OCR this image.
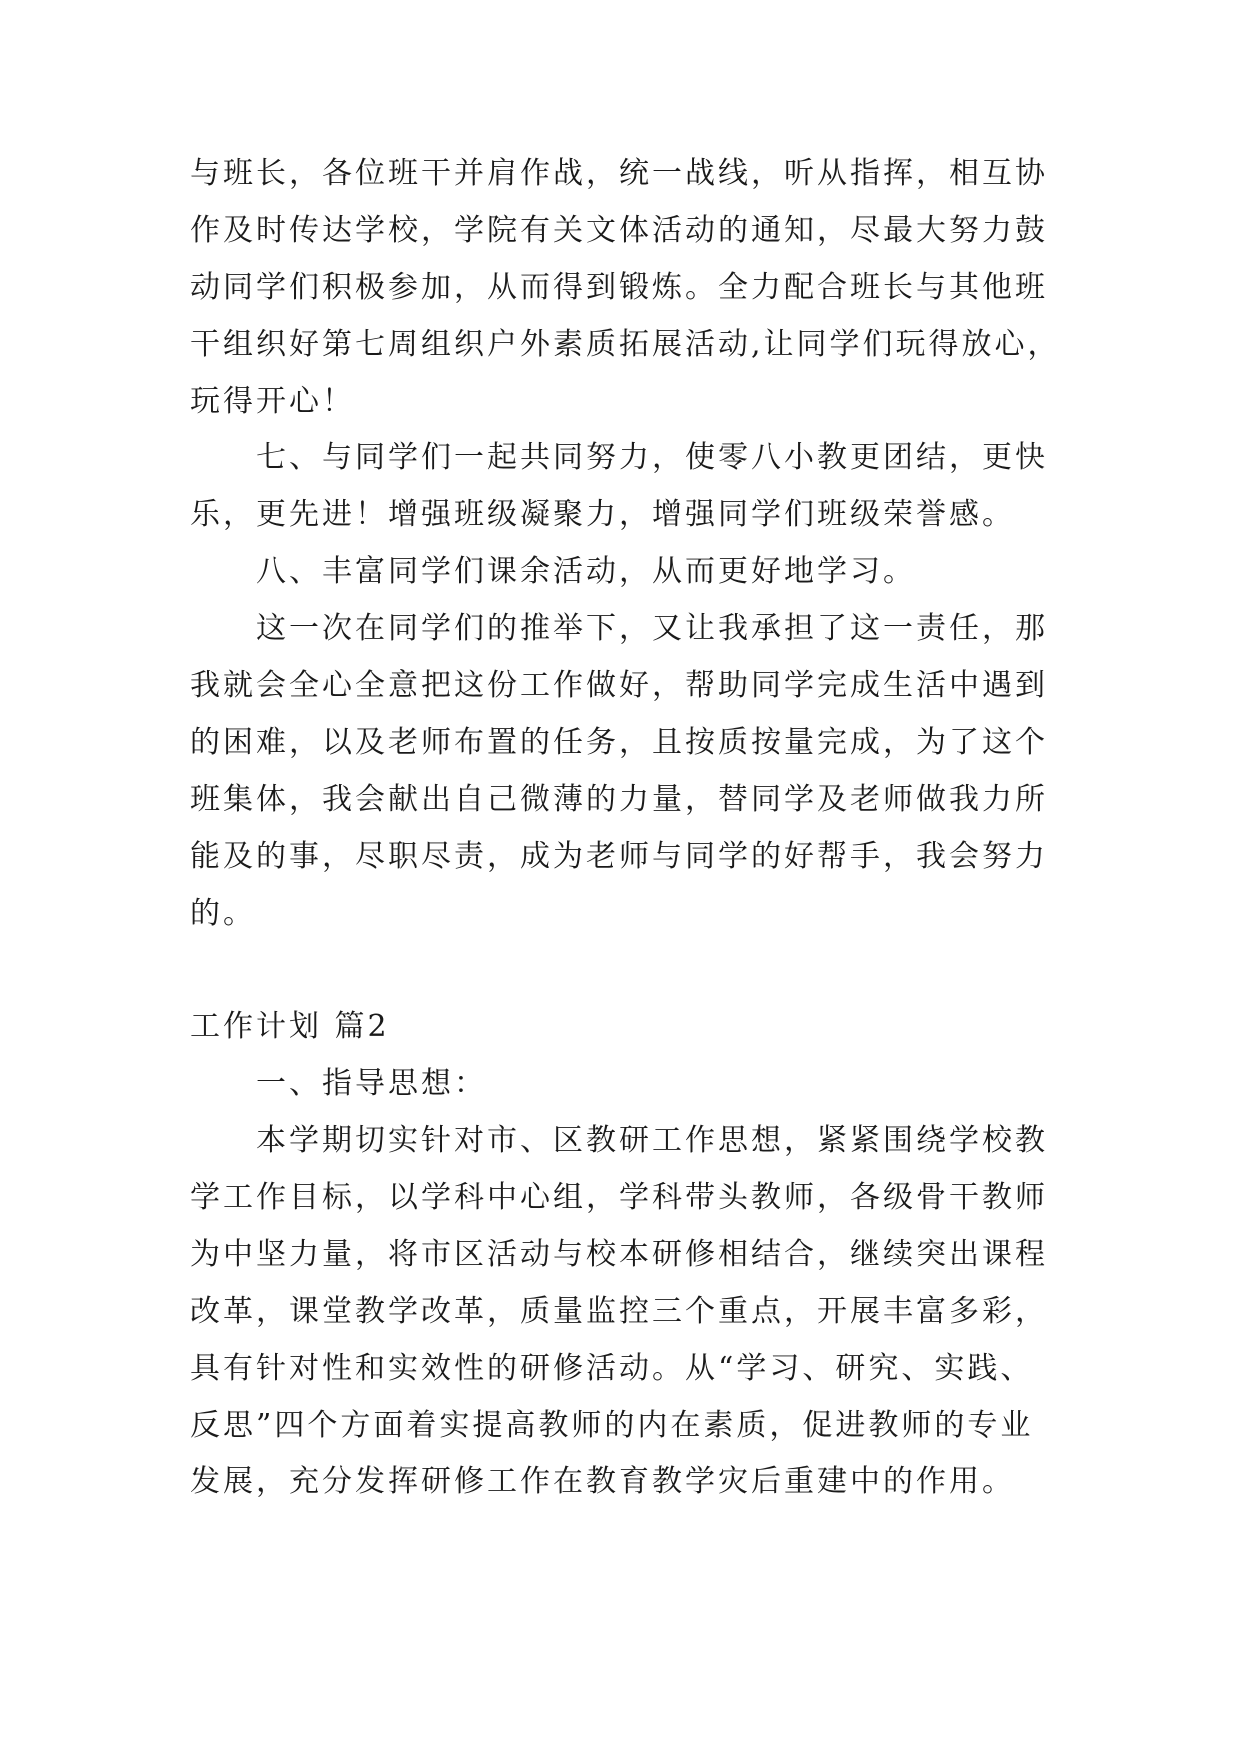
与班长，各位班干并肩作战，统一战线，听从指挥，相互协
作及时传达学校，学院有关文体活动的通知，尽最大努力鼓
动同学们积极参加，从而得到锻炼。全力配合班长与其他班
干组织好第七周组织户外素质拓展活动,让同学们玩得放心，
玩得开心！
七、与同学们一起共同努力，使零八小教更团结，更快
乐，更先进！增强班级凝聚力，增强同学们班级荣誉感。
八、丰富同学们课余活动，从而更好地学习。
这一次在同学们的推举下，又让我承担了这一责任，那
我就会全心全意把这份工作做好，帮助同学完成生活中遇到
的困难，以及老师布置的任务，且按质按量完成，为了这个
班集体，我会献出自己微薄的力量，替同学及老师做我力所
能及的事，尽职尽责，成为老师与同学的好帮手，我会努力
的。
工作计划 篇2
一、指导思想：
本学期切实针对市、区教研工作思想，紧紧围绕学校教
学工作目标，以学科中心组，学科带头教师，各级骨干教师
为中坚力量，将市区活动与校本研修相结合，继续突出课程
改革，课堂教学改革，质量监控三个重点，开展丰富多彩，
具有针对性和实效性的研修活动。从“学习、研究、实践、
反思”四个方面着实提高教师的内在素质，促进教师的专业
发展，充分发挥研修工作在教育教学灾后重建中的作用。
